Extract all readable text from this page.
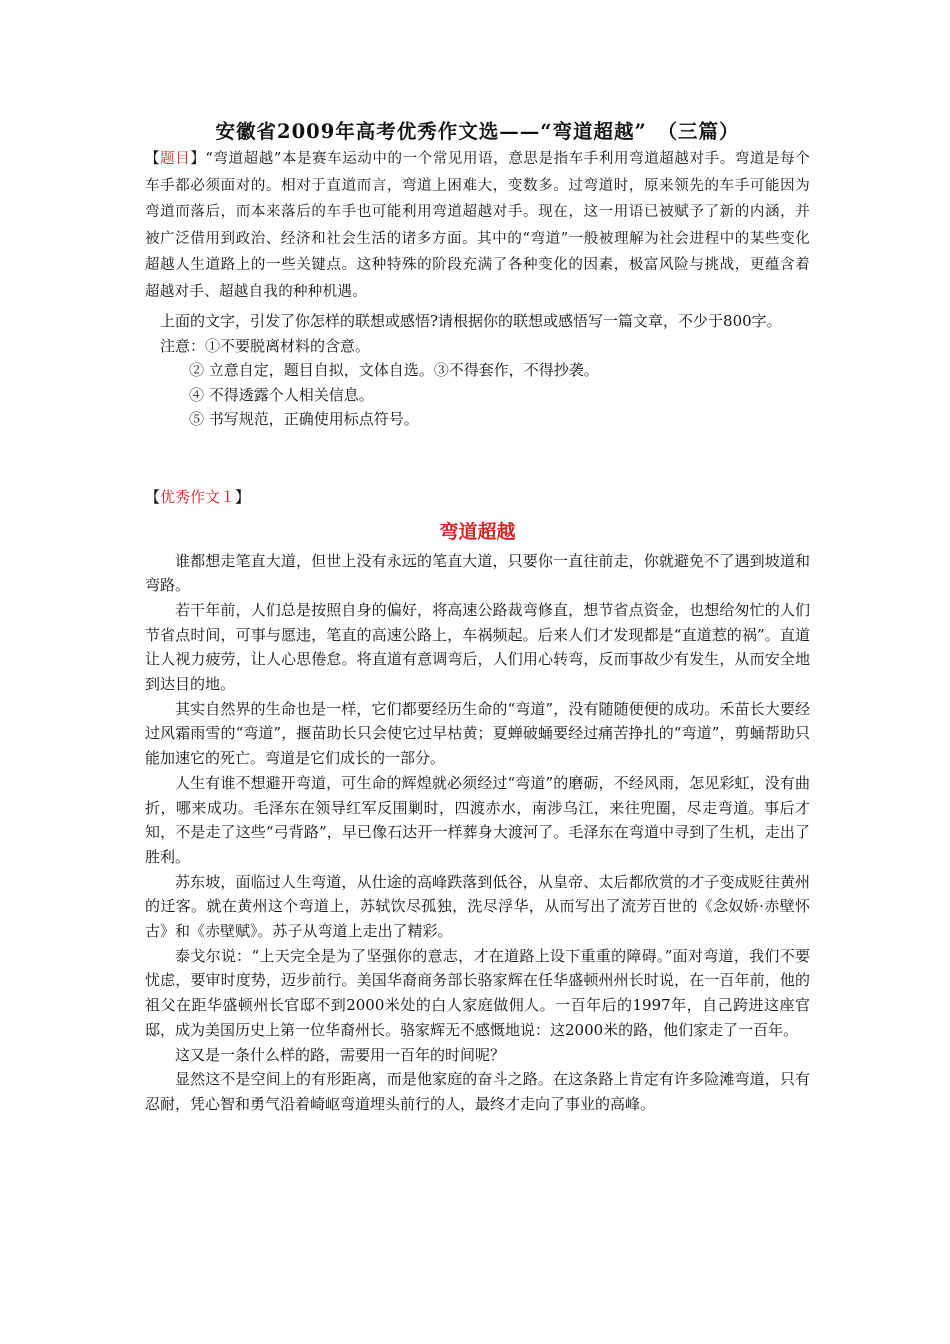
安徽省2009年高考优秀作文选——“弯道超越”　（三篇）

【题目】“弯道超越”本是赛车运动中的一个常见用语，意思是指车手利用弯道超越对手。弯道是每个车手都必须面对的。相对于直道而言，弯道上困难大，变数多。过弯道时，原来领先的车手可能因为弯道而落后，而本来落后的车手也可能利用弯道超越对手。现在，这一用语已被赋予了新的内涵，并被广泛借用到政治、经济和社会生活的诸多方面。其中的“弯道”一般被理解为社会进程中的某些变化超越人生道路上的一些关键点。这种特殊的阶段充满了各种变化的因素，极富风险与挑战，更蕴含着超越对手、超越自我的种种机遇。

上面的文字，引发了你怎样的联想或感悟?请根据你的联想或感悟写一篇文章，不少于800字。

注意：①不要脱离材料的含意。
② 立意自定，题目自拟，文体自选。③不得套作，不得抄袭。
④ 不得透露个人相关信息。
⑤ 书写规范，正确使用标点符号。

【优秀作文１】

弯道超越

谁都想走笔直大道，但世上没有永远的笔直大道，只要你一直往前走，你就避免不了遇到坡道和弯路。

若干年前，人们总是按照自身的偏好，将高速公路裁弯修直，想节省点资金，也想给匆忙的人们节省点时间，可事与愿违，笔直的高速公路上，车祸频起。后来人们才发现都是“直道惹的祸”。直道让人视力疲劳，让人心思倦怠。将直道有意调弯后，人们用心转弯，反而事故少有发生，从而安全地到达目的地。

其实自然界的生命也是一样，它们都要经历生命的“弯道”，没有随随便便的成功。禾苗长大要经过风霜雨雪的“弯道”，揠苗助长只会使它过早枯黄；夏蝉破蛹要经过痛苦挣扎的“弯道”，剪蛹帮助只能加速它的死亡。弯道是它们成长的一部分。

人生有谁不想避开弯道，可生命的辉煌就必须经过“弯道”的磨砺，不经风雨，怎见彩虹，没有曲折，哪来成功。毛泽东在领导红军反围剿时，四渡赤水，南涉乌江，来往兜圈，尽走弯道。事后才知，不是走了这些“弓背路”，早已像石达开一样葬身大渡河了。毛泽东在弯道中寻到了生机，走出了胜利。

苏东坡，面临过人生弯道，从仕途的高峰跌落到低谷，从皇帝、太后都欣赏的才子变成贬往黄州的迁客。就在黄州这个弯道上，苏轼饮尽孤独，洗尽浮华，从而写出了流芳百世的《念奴娇·赤壁怀古》和《赤壁赋》。苏子从弯道上走出了精彩。

泰戈尔说：“上天完全是为了坚强你的意志，才在道路上设下重重的障碍。”面对弯道，我们不要忧虑，要审时度势，迈步前行。美国华裔商务部长骆家辉在任华盛顿州州长时说，在一百年前，他的祖父在距华盛顿州长官邸不到2000米处的白人家庭做佣人。一百年后的1997年，自己跨进这座官邸，成为美国历史上第一位华裔州长。骆家辉无不感慨地说：这2000米的路，他们家走了一百年。

这又是一条什么样的路，需要用一百年的时间呢？

显然这不是空间上的有形距离，而是他家庭的奋斗之路。在这条路上肯定有许多险滩弯道，只有忍耐，凭心智和勇气沿着崎岖弯道埋头前行的人，最终才走向了事业的高峰。
